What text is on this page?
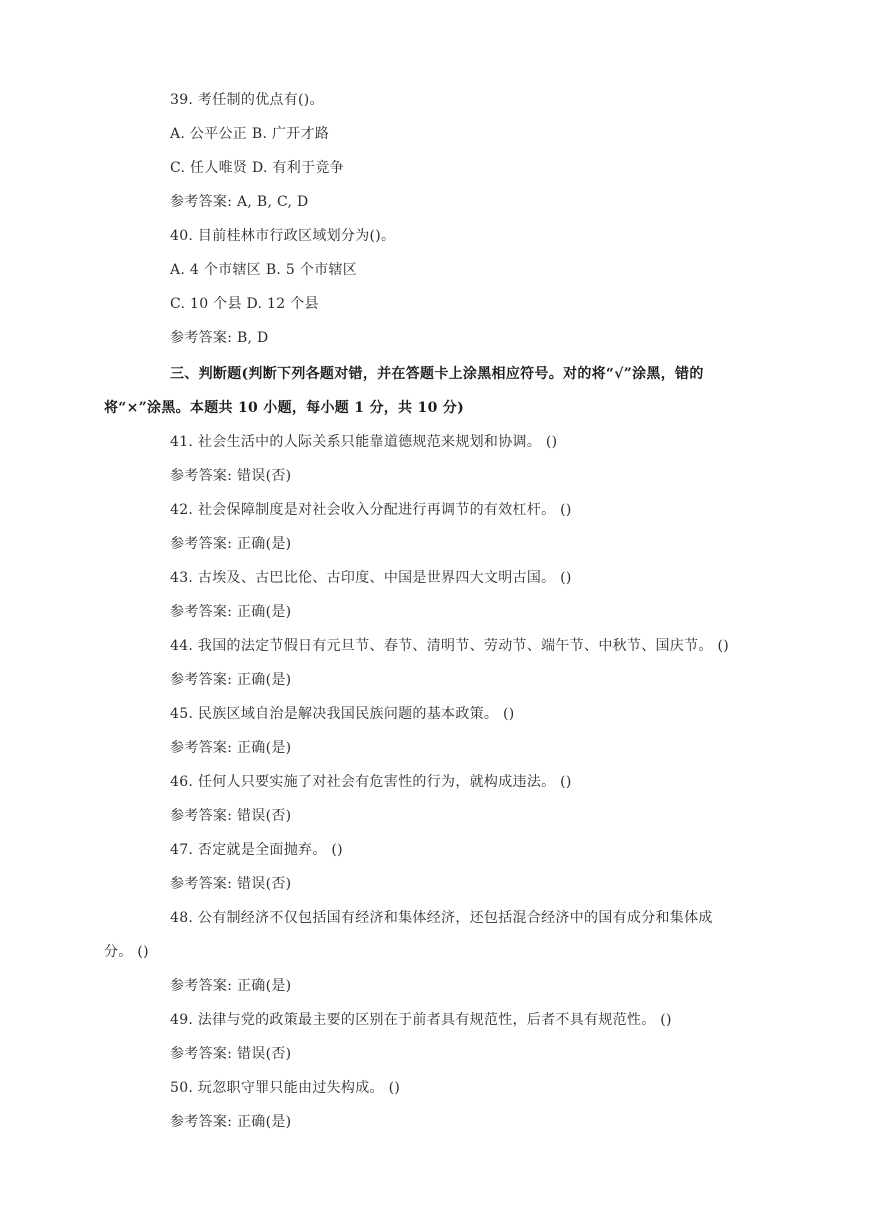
39. 考任制的优点有()。
A. 公平公正 B. 广开才路
C. 任人唯贤 D. 有利于竞争
参考答案: A, B, C, D
40. 目前桂林市行政区域划分为()。
A. 4 个市辖区 B. 5 个市辖区
C. 10 个县 D. 12 个县
参考答案: B, D
三、判断题(判断下列各题对错，并在答题卡上涂黑相应符号。对的将“√”涂黑，错的
将“×”涂黑。本题共 10 小题，每小题 1 分，共 10 分)
41. 社会生活中的人际关系只能靠道德规范来规划和协调。 ()
参考答案: 错误(否)
42. 社会保障制度是对社会收入分配进行再调节的有效杠杆。 ()
参考答案: 正确(是)
43. 古埃及、古巴比伦、古印度、中国是世界四大文明古国。 ()
参考答案: 正确(是)
44. 我国的法定节假日有元旦节、春节、清明节、劳动节、端午节、中秋节、国庆节。 ()
参考答案: 正确(是)
45. 民族区域自治是解决我国民族问题的基本政策。 ()
参考答案: 正确(是)
46. 任何人只要实施了对社会有危害性的行为，就构成违法。 ()
参考答案: 错误(否)
47. 否定就是全面抛弃。 ()
参考答案: 错误(否)
48. 公有制经济不仅包括国有经济和集体经济，还包括混合经济中的国有成分和集体成
分。 ()
参考答案: 正确(是)
49. 法律与党的政策最主要的区别在于前者具有规范性，后者不具有规范性。 ()
参考答案: 错误(否)
50. 玩忽职守罪只能由过失构成。 ()
参考答案: 正确(是)
